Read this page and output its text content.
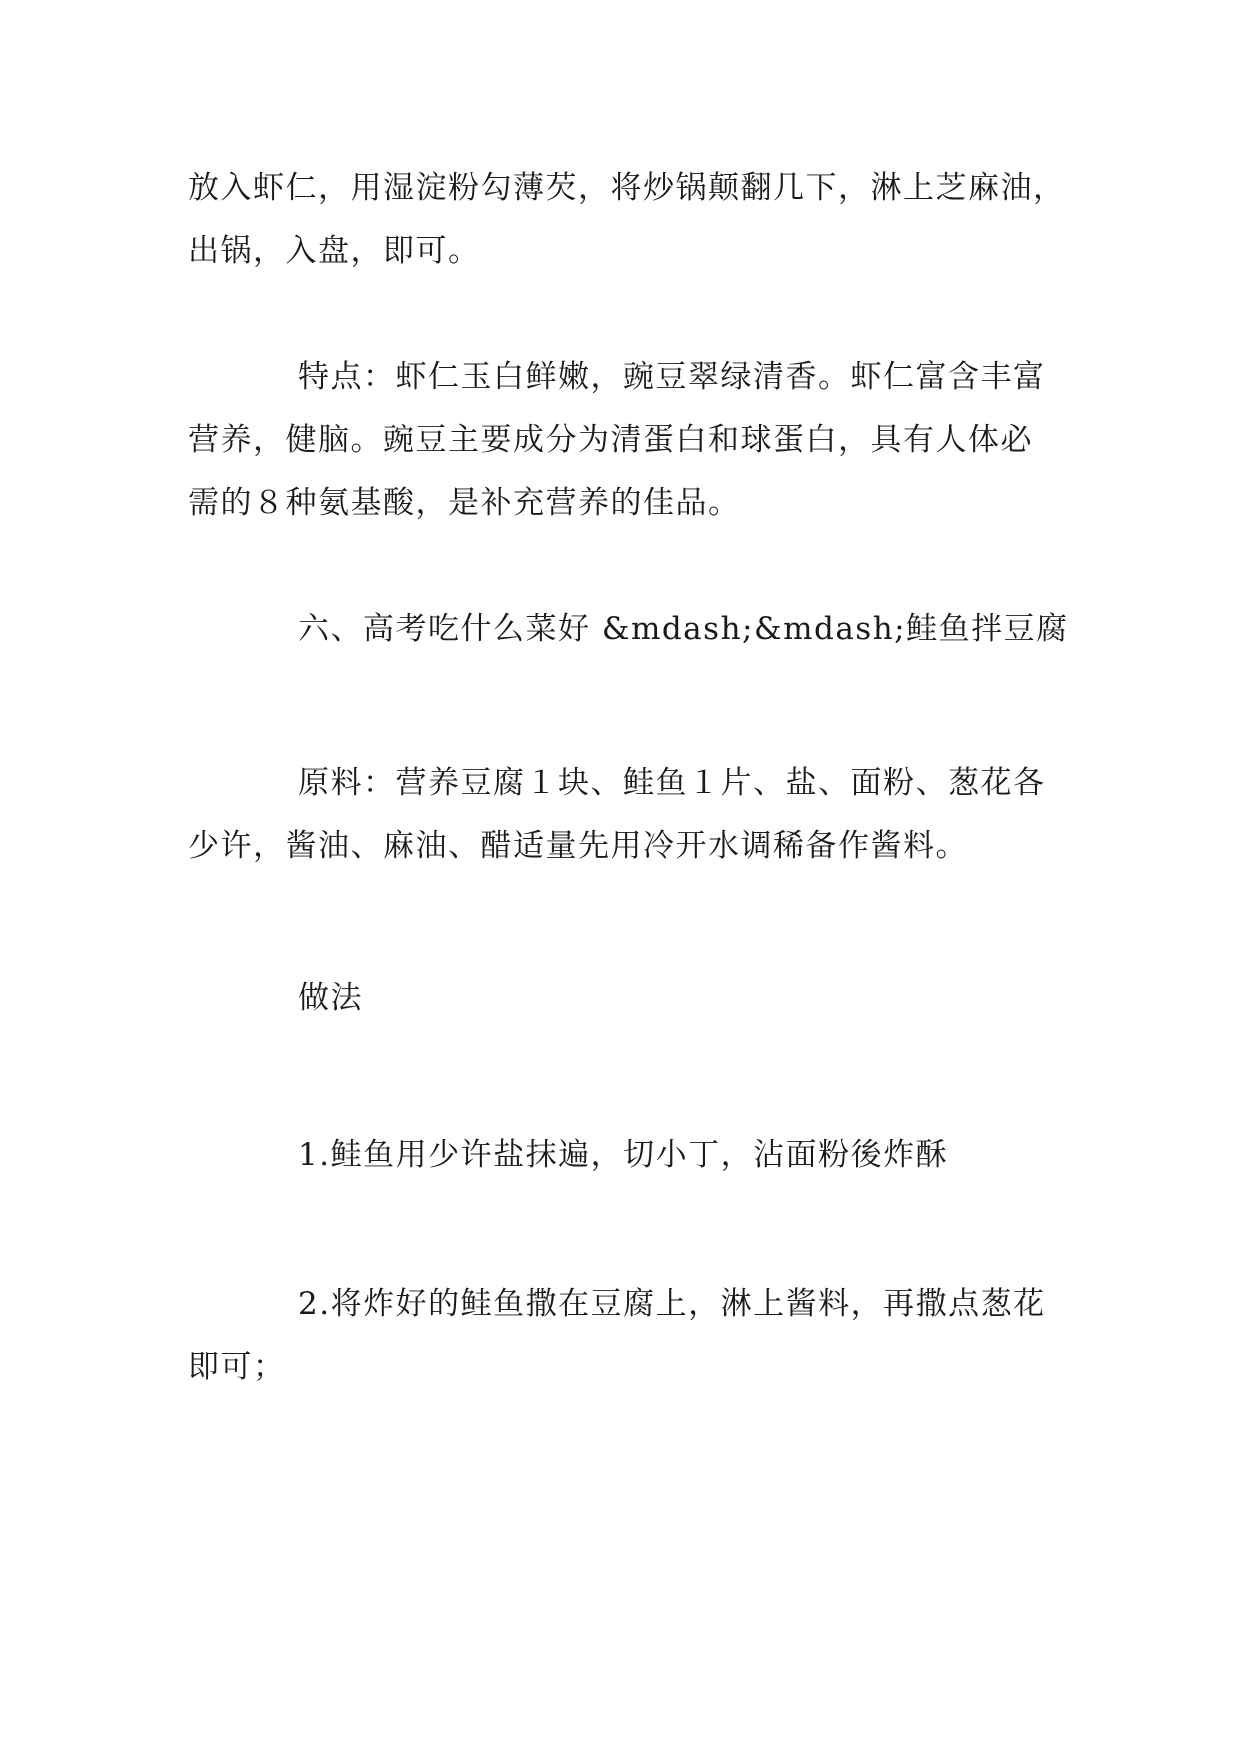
放入虾仁，用湿淀粉勾薄芡，将炒锅颠翻几下，淋上芝麻油，
出锅，入盘，即可。
特点：虾仁玉白鲜嫩，豌豆翠绿清香。虾仁富含丰富
营养，健脑。豌豆主要成分为清蛋白和球蛋白，具有人体必
需的８种氨基酸，是补充营养的佳品。
六、高考吃什么菜好 &mdash;&mdash;鲑鱼拌豆腐
原料：营养豆腐１块、鲑鱼１片、盐、面粉、葱花各
少许，酱油、麻油、醋适量先用冷开水调稀备作酱料。
做法
1.鲑鱼用少许盐抹遍，切小丁，沾面粉後炸酥
2.将炸好的鲑鱼撒在豆腐上，淋上酱料，再撒点葱花
即可；
